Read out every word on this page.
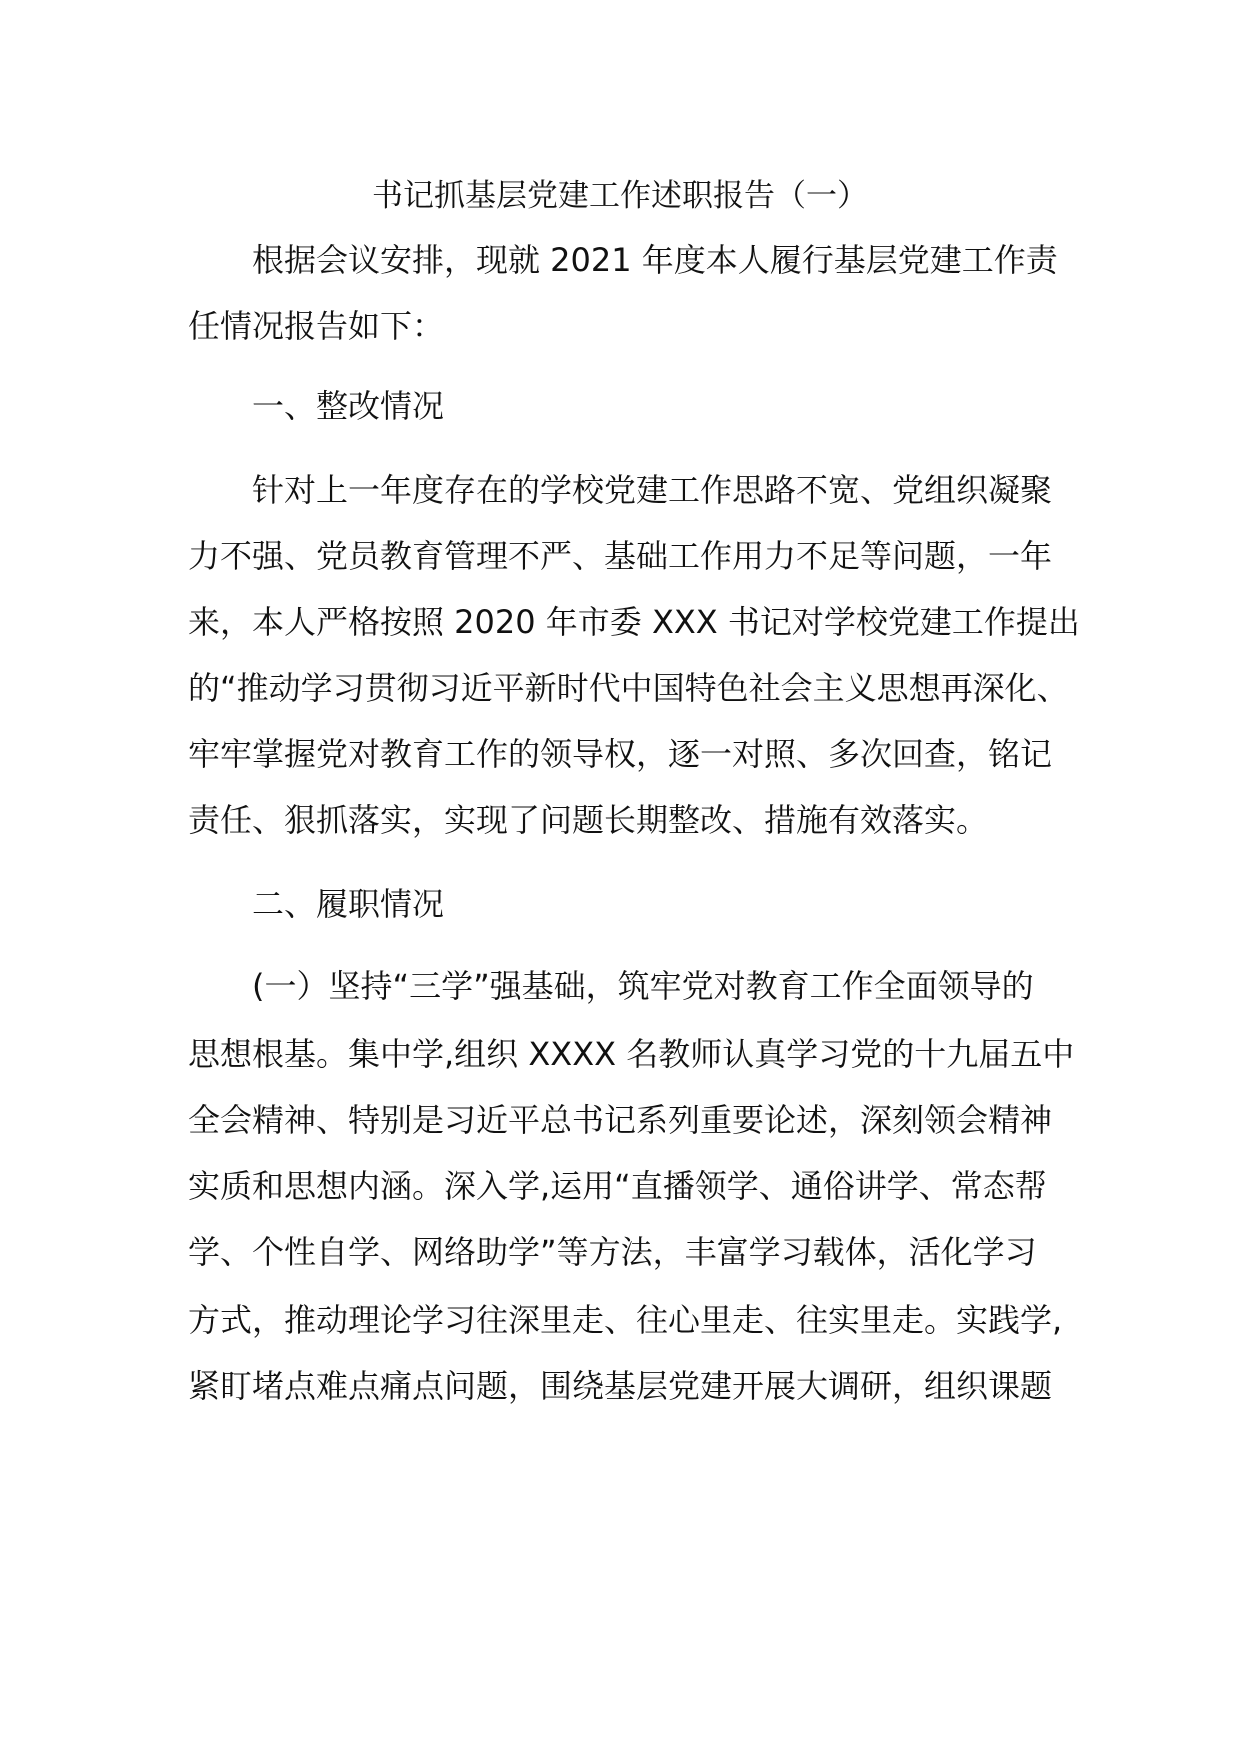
书记抓基层党建工作述职报告（一）
根据会议安排，现就 2021 年度本人履行基层党建工作责
任情况报告如下：
一、整改情况
针对上一年度存在的学校党建工作思路不宽、党组织凝聚
力不强、党员教育管理不严、基础工作用力不足等问题，一年
来，本人严格按照 2020 年市委 XXX 书记对学校党建工作提出
的“推动学习贯彻习近平新时代中国特色社会主义思想再深化、
牢牢掌握党对教育工作的领导权，逐一对照、多次回查，铭记
责任、狠抓落实，实现了问题长期整改、措施有效落实。
二、履职情况
(一）坚持“三学”强基础，筑牢党对教育工作全面领导的
思想根基。集中学,组织 XXXX 名教师认真学习党的十九届五中
全会精神、特别是习近平总书记系列重要论述，深刻领会精神
实质和思想内涵。深入学,运用“直播领学、通俗讲学、常态帮
学、个性自学、网络助学”等方法，丰富学习载体，活化学习
方式，推动理论学习往深里走、往心里走、往实里走。实践学,
紧盯堵点难点痛点问题，围绕基层党建开展大调研，组织课题
